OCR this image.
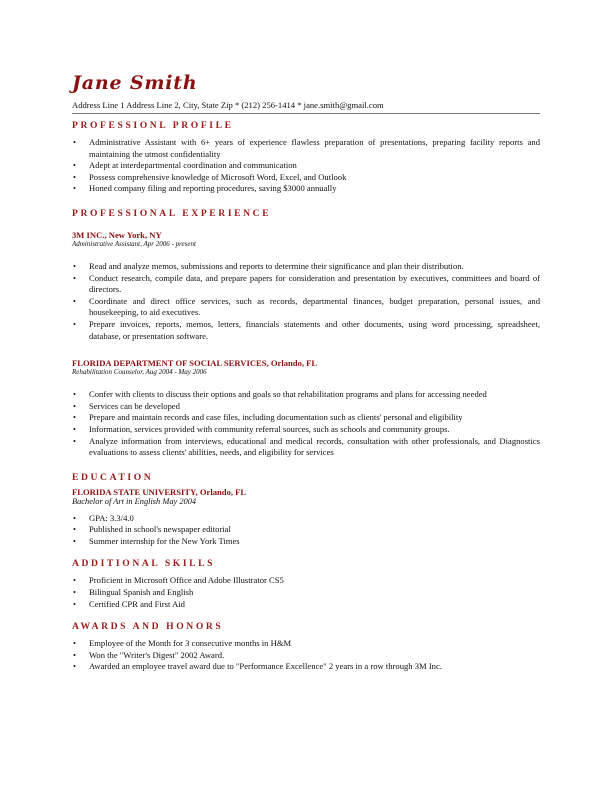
Jane Smith
Address Line 1 Address Line 2, City, State Zip * (212) 256-1414 * jane.smith@gmail.com
PROFESSIONL PROFILE
• Administrative Assistant with 6+ years of experience flawless preparation of presentations, preparing facility reports and maintaining the utmost confidentiality
• Adept at interdepartmental coordination and communication
• Possess comprehensive knowledge of Microsoft Word, Excel, and Outlook
• Honed company filing and reporting procedures, saving $3000 annually
PROFESSIONAL EXPERIENCE
3M INC., New York, NY
Administrative Assistant, Apr 2006 - present
• Read and analyze memos, submissions and reports to determine their significance and plan their distribution.
• Conduct research, compile data, and prepare papers for consideration and presentation by executives, committees and board of directors.
• Coordinate and direct office services, such as records, departmental finances, budget preparation, personal issues, and housekeeping, to aid executives.
• Prepare invoices, reports, memos, letters, financials statements and other documents, using word processing, spreadsheet, database, or presentation software.
FLORIDA DEPARTMENT OF SOCIAL SERVICES, Orlando, FL
Rehabilitation Counselor, Aug 2004 - May 2006
• Confer with clients to discuss their options and goals so that rehabilitation programs and plans for accessing needed
• Services can be developed
• Prepare and maintain records and case files, including documentation such as clients' personal and eligibility
• Information, services provided with community referral sources, such as schools and community groups.
• Analyze information from interviews, educational and medical records, consultation with other professionals, and Diagnostics evaluations to assess clients' abilities, needs, and eligibility for services
EDUCATION
FLORIDA STATE UNIVERSITY, Orlando, FL
Bachelor of Art in English May 2004
• GPA: 3.3/4.0
• Published in school's newspaper editorial
• Summer internship for the New York Times
ADDITIONAL SKILLS
• Proficient in Microsoft Office and Adobe Illustrator CS5
• Bilingual Spanish and English
• Certified CPR and First Aid
AWARDS AND HONORS
• Employee of the Month for 3 consecutive months in H&M
• Won the "Writer's Digest" 2002 Award.
• Awarded an employee travel award due to "Performance Excellence" 2 years in a row through 3M Inc.
